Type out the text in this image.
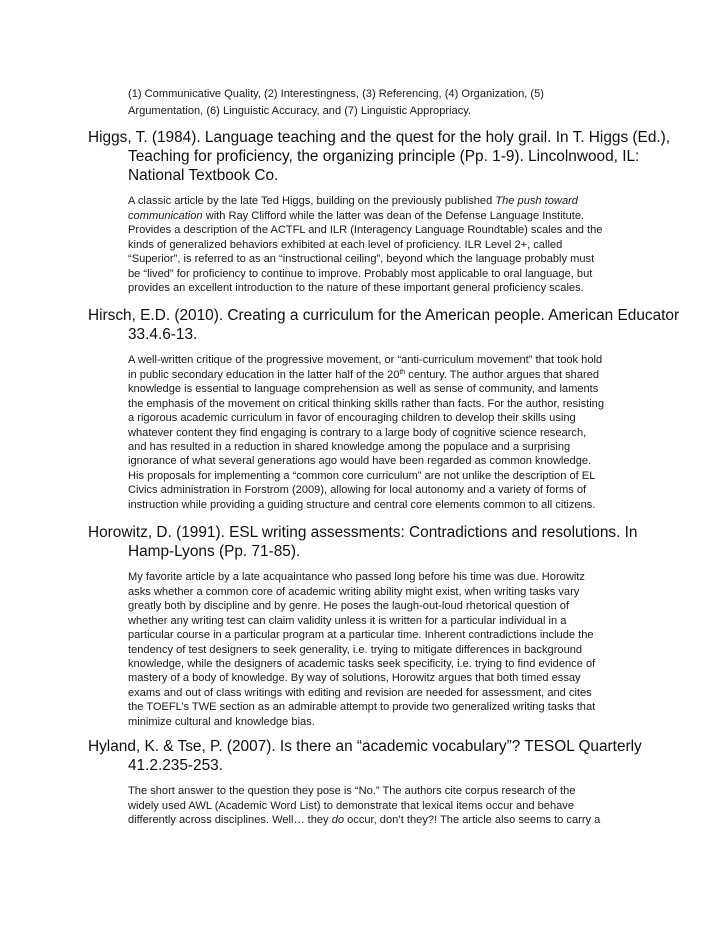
(1) Communicative Quality, (2) Interestingness, (3) Referencing, (4) Organization, (5)
Argumentation, (6) Linguistic Accuracy, and (7) Linguistic Appropriacy.
Higgs, T. (1984). Language teaching and the quest for the holy grail. In T. Higgs (Ed.),
Teaching for proficiency, the organizing principle (Pp. 1-9). Lincolnwood, IL:
National Textbook Co.
A classic article by the late Ted Higgs, building on the previously published The push toward
communication with Ray Clifford while the latter was dean of the Defense Language Institute.
Provides a description of the ACTFL and ILR (Interagency Language Roundtable) scales and the
kinds of generalized behaviors exhibited at each level of proficiency. ILR Level 2+, called
“Superior”, is referred to as an “instructional ceiling”, beyond which the language probably must
be “lived” for proficiency to continue to improve. Probably most applicable to oral language, but
provides an excellent introduction to the nature of these important general proficiency scales.
Hirsch, E.D. (2010). Creating a curriculum for the American people. American Educator
33.4.6-13.
A well-written critique of the progressive movement, or “anti-curriculum movement” that took hold
in public secondary education in the latter half of the 20th century. The author argues that shared
knowledge is essential to language comprehension as well as sense of community, and laments
the emphasis of the movement on critical thinking skills rather than facts. For the author, resisting
a rigorous academic curriculum in favor of encouraging children to develop their skills using
whatever content they find engaging is contrary to a large body of cognitive science research,
and has resulted in a reduction in shared knowledge among the populace and a surprising
ignorance of what several generations ago would have been regarded as common knowledge.
His proposals for implementing a “common core curriculum” are not unlike the description of EL
Civics administration in Forstrom (2009), allowing for local autonomy and a variety of forms of
instruction while providing a guiding structure and central core elements common to all citizens.
Horowitz, D. (1991). ESL writing assessments: Contradictions and resolutions. In
Hamp-Lyons (Pp. 71-85).
My favorite article by a late acquaintance who passed long before his time was due. Horowitz
asks whether a common core of academic writing ability might exist, when writing tasks vary
greatly both by discipline and by genre. He poses the laugh-out-loud rhetorical question of
whether any writing test can claim validity unless it is written for a particular individual in a
particular course in a particular program at a particular time. Inherent contradictions include the
tendency of test designers to seek generality, i.e. trying to mitigate differences in background
knowledge, while the designers of academic tasks seek specificity, i.e. trying to find evidence of
mastery of a body of knowledge. By way of solutions, Horowitz argues that both timed essay
exams and out of class writings with editing and revision are needed for assessment, and cites
the TOEFL’s TWE section as an admirable attempt to provide two generalized writing tasks that
minimize cultural and knowledge bias.
Hyland, K. & Tse, P. (2007). Is there an “academic vocabulary”? TESOL Quarterly
41.2.235-253.
The short answer to the question they pose is “No.” The authors cite corpus research of the
widely used AWL (Academic Word List) to demonstrate that lexical items occur and behave
differently across disciplines. Well… they do occur, don’t they?! The article also seems to carry a
